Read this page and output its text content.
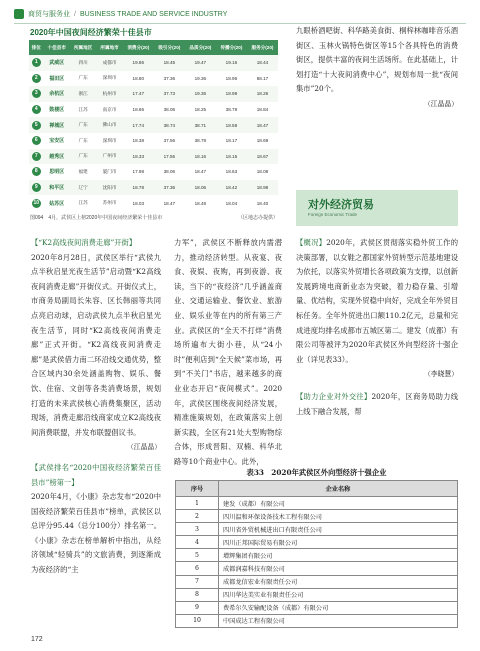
商贸与服务业 / BUSINESS TRADE AND SERVICE INDUSTRY
2020年中国夜间经济繁荣十佳县市
排位	十佳县市	所属地区	所属地市	消费分(20)	吸引分(20)	品质分(20)	传播分(20)	服务分(20)
1	武威区	四川	成都市	19.86	18.45	19.47	19.16	18.44
2	福田区	广东	深圳市	18.80	37.36	19.36	18.96	88.17
3	余杭区	浙江	杭州市	17.47	37.73	19.36	18.98	18.26
4	鼓楼区	江苏	南京市	18.66	38.06	18.25	38.78	18.84
5	禅城区	广东	佛山市	17.74	38.74	38.71	18.58	18.47
6	宝安区	广东	深圳市	18.38	37.56	38.78	18.17	18.69
7	越秀区	广东	广州市	18.33	17.55	18.16	18.15	18.67
8	思明区	福建	厦门市	17.98	38.06	18.47	18.63	18.08
9	和平区	辽宁	沈阳市	18.78	37.36	18.06	18.42	18.98
10	姑苏区	江苏	苏州市	18.03	18.47	18.48	18.04	18.40
图094　4月，武侯区上榜2020年中国夜间经济繁荣十佳县市	（区地志办提供）
九眼桥酒吧街、科华路美食街、桐梓林咖啡音乐酒街区、玉林火锅特色街区等15个各具特色的消费街区，提供丰富的夜间生活场所。在此基础上，计划打造“十大夜间消费中心”，规划布局一批“夜间集市”20个。
（江晶晶）
对外经济贸易
Foreign Economic Trade
【“K2高线夜间消费走廊”开街】
2020年8月28日，武侯区举行“武侯九点半秋启星光夜生活节”启动暨“K2高线夜间消费走廊”开街仪式。开街仪式上，市商务局副局长朱容、区长韩丽等共同点亮启动球，启动武侯九点半秋启星光夜生活节，同时“K2高线夜间消费走廊”正式开街。“K2高线夜间消费走廊”是武侯借力南二环沿线交通优势，整合区域内30余处涵盖购物、娱乐、餐饮、住宿、文创等各类消费场景，规划打造的未来武侯核心消费集聚区，活动现场，消费走廊沿线商家成立K2高线夜间消费联盟，并发布联盟倡议书。
（江晶晶）
【武侯排名“2020中国夜经济繁荣百佳县市”榜第一】
2020年4月，《小康》杂志发布“2020中国夜经济繁荣百佳县市”榜单，武侯区以总评分95.44（总分100分）排名第一。《小康》杂志在榜单解析中指出，从经济领域“轻骑兵”的文旅消费，到逐渐成为夜经济的“主
力军”，武侯区不断释放内需潜力，推动经济转型。从夜宴、夜食、夜娱、夜购，再到夜游、夜读，当下的“夜经济”几乎涵盖商业、交通运输业、餐饮业、旅游业、娱乐业等在内的所有第三产业。武侯区的“全天不打烊”消费场所遍布大街小巷，从“24小时”便利店到“全天候”菜市场，再到“不关门”书店，越来越多的商业业态开启“夜间模式”。2020年，武侯区围绕夜间经济发展，精准施策规划，在政策落实上创新实践，全区有21处大型购物综合体，形成晋阳、双楠、科华北路等10个商业中心。此外，
【概况】2020年，武侯区贯彻落实稳外贸工作的决策部署，以女鞋之都国家外贸转型示范基地建设为依托，以落实外贸增长各项政策为支撑，以创新发展跨境电商新业态为突破，着力稳存量、引增量、优结构，实现外贸稳中向好，完成全年外贸目标任务。全年外贸进出口额110.2亿元，总量和完成进度均排名成都市五城区第二。建发（成都）有限公司等被评为2020年武侯区外向型经济十强企业（详见表33）。
（李晓慧）
【助力企业对外交往】2020年，区商务局助力线上线下融合发展，帮
表33　2020年武侯区外向型经济十强企业
序号	企业名称
1	建发（成都）有限公司
2	四川温和环保设备技术工程有限公司
3	四川省外贸机械进出口有限责任公司
4	四川正邦国际贸易有限公司
5	增辉集团有限公司
6	成都润嘉科技有限公司
7	成都龙信宏业有限责任公司
8	四川华达美实业有限责任公司
9	费希尔久安输配设备（成都）有限公司
10	中国成达工程有限公司
172
